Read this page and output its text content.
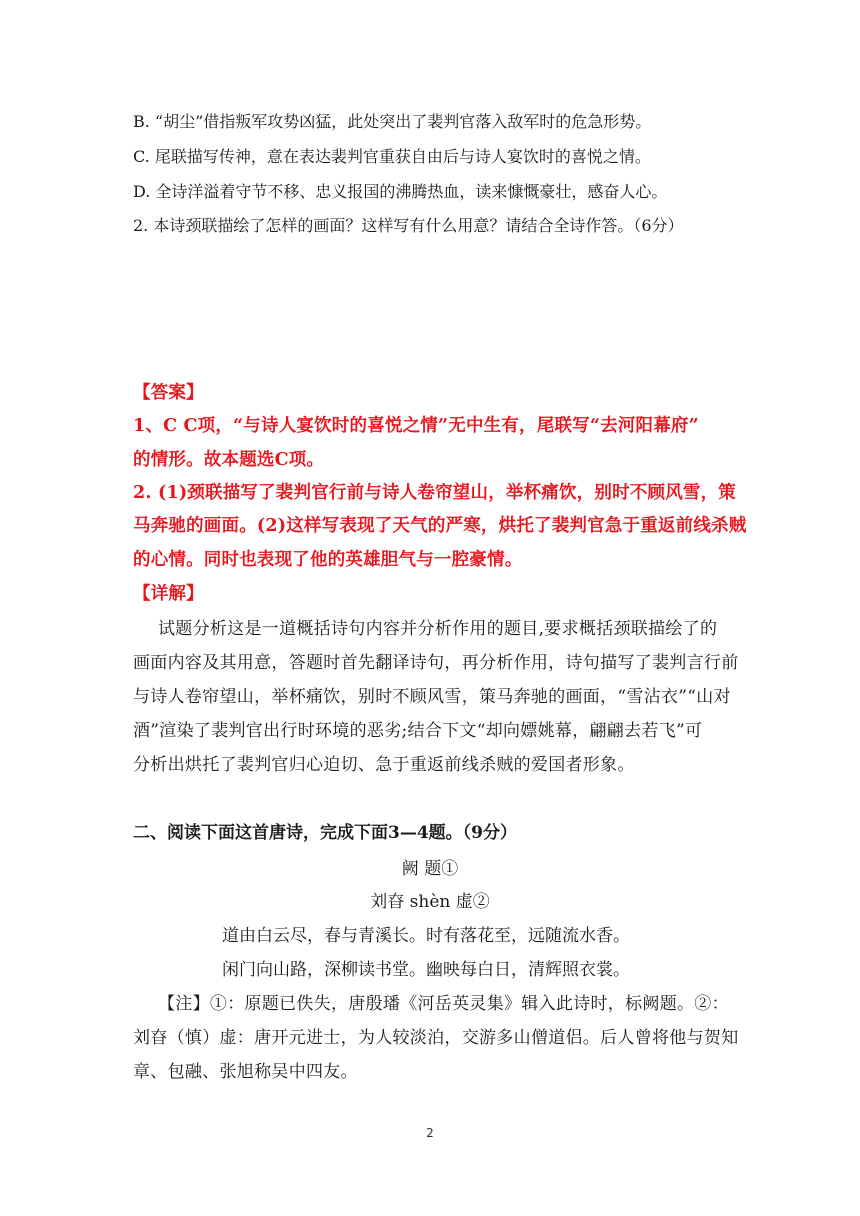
B. “胡尘”借指叛军攻势凶猛，此处突出了裴判官落入敌军时的危急形势。
C. 尾联描写传神，意在表达裴判官重获自由后与诗人宴饮时的喜悦之情。
D. 全诗洋溢着守节不移、忠义报国的沸腾热血，读来慷慨豪壮，感奋人心。
2. 本诗颈联描绘了怎样的画面？这样写有什么用意？请结合全诗作答。（6分）
【答案】
1、C C项，“与诗人宴饮时的喜悦之情”无中生有，尾联写“去河阳幕府”
的情形。故本题选C项。
2. (1)颈联描写了裴判官行前与诗人卷帘望山，举杯痛饮，别时不顾风雪，策
马奔驰的画面。(2)这样写表现了天气的严寒，烘托了裴判官急于重返前线杀贼
的心情。同时也表现了他的英雄胆气与一腔豪情。
【详解】
试题分析这是一道概括诗句内容并分析作用的题目,要求概括颈联描绘了的
画面内容及其用意，答题时首先翻译诗句，再分析作用，诗句描写了裴判言行前
与诗人卷帘望山，举杯痛饮，别时不顾风雪，策马奔驰的画面，“雪沾衣”“山对
酒”渲染了裴判官出行时环境的恶劣;结合下文“却向嫖姚幕，翩翩去若飞”可
分析出烘托了裴判官归心迫切、急于重返前线杀贼的爱国者形象。
二、阅读下面这首唐诗，完成下面3—4题。（9分）
阙 题①
刘昚 shèn 虚②
道由白云尽，春与青溪长。时有落花至，远随流水香。
闲门向山路，深柳读书堂。幽映每白日，清辉照衣裳。
【注】①：原题已佚失，唐殷璠《河岳英灵集》辑入此诗时，标阙题。②：
刘昚（慎）虚：唐开元进士，为人较淡泊，交游多山僧道侣。后人曾将他与贺知
章、包融、张旭称吴中四友。
2
